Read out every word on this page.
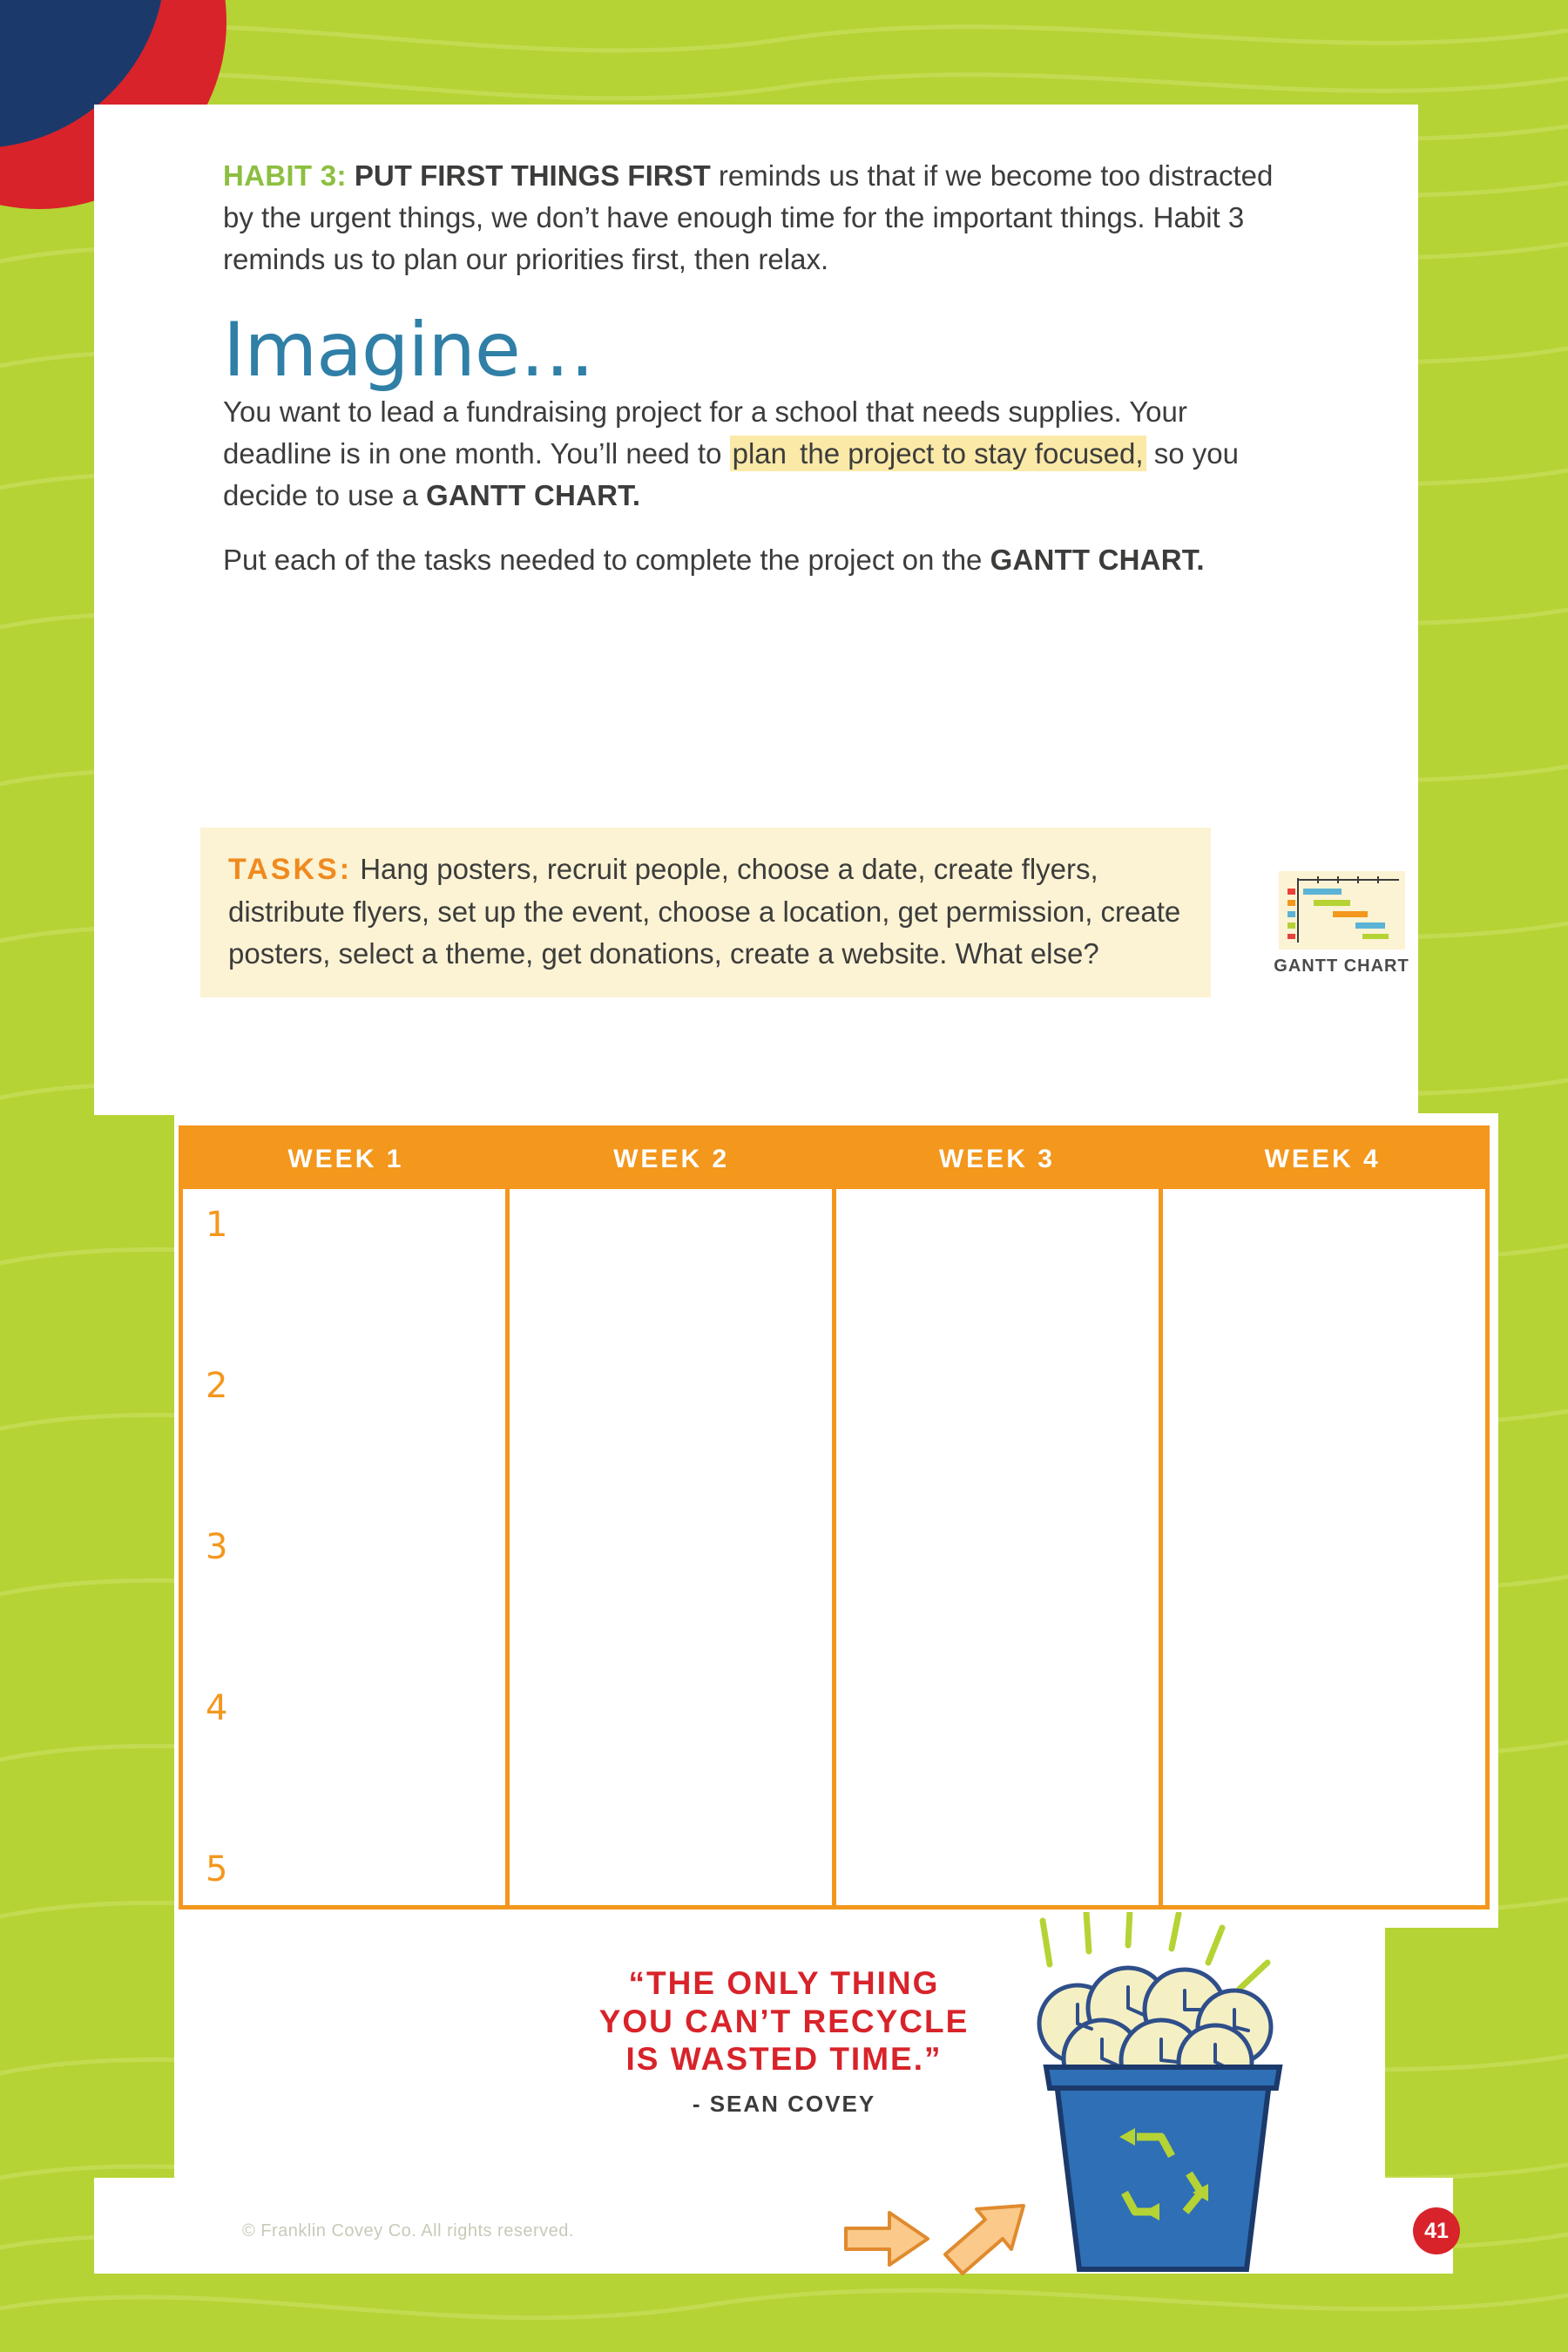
HABIT 3: PUT FIRST THINGS FIRST reminds us that if we become too distracted by the urgent things, we don’t have enough time for the important things. Habit 3 reminds us to plan our priorities first, then relax.

Imagine…

You want to lead a fundraising project for a school that needs supplies. Your deadline is in one month. You’ll need to plan the project to stay focused, so you decide to use a GANTT CHART.

Put each of the tasks needed to complete the project on the GANTT CHART.

TASKS: Hang posters, recruit people, choose a date, create flyers, distribute flyers, set up the event, choose a location, get permission, create posters, select a theme, get donations, create a website. What else?	GANTT CHART
WEEK 1	WEEK 2	WEEK 3	WEEK 4
1
2
3
4
5
“THE ONLY THING
YOU CAN’T RECYCLE
IS WASTED TIME.”
- SEAN COVEY
© Franklin Covey Co. All rights reserved.	41
